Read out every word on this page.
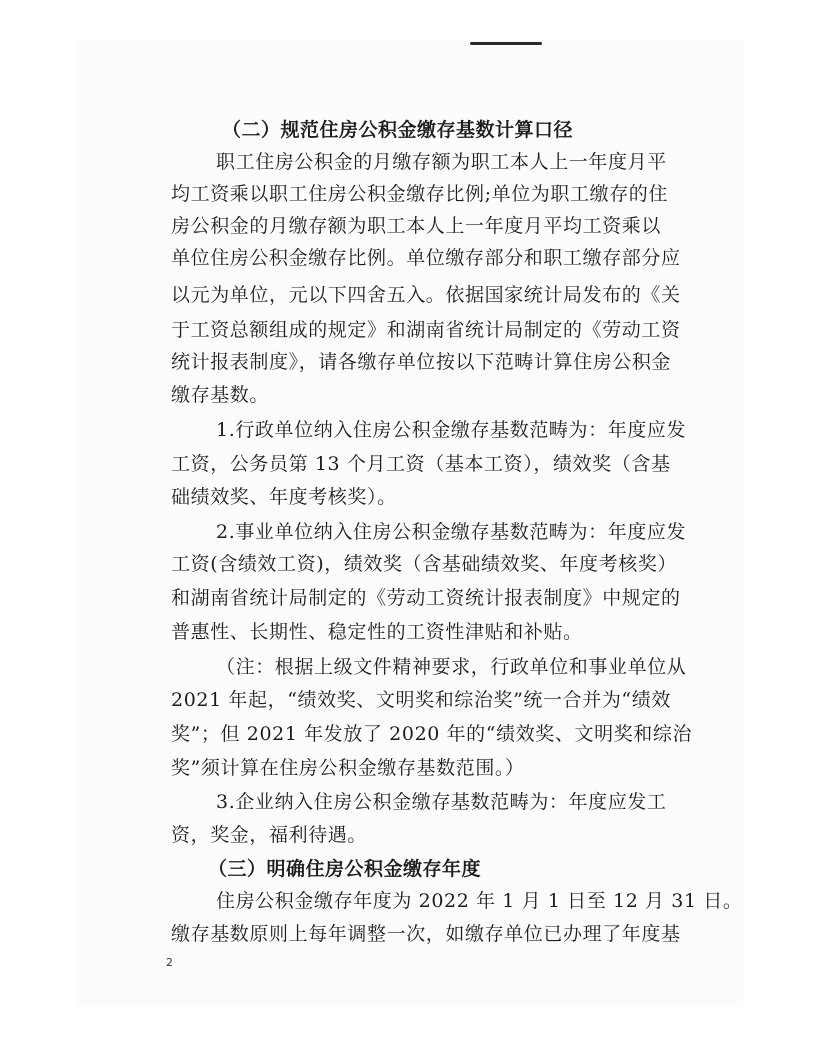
（二）规范住房公积金缴存基数计算口径
职工住房公积金的月缴存额为职工本人上一年度月平
均工资乘以职工住房公积金缴存比例;单位为职工缴存的住
房公积金的月缴存额为职工本人上一年度月平均工资乘以
单位住房公积金缴存比例。单位缴存部分和职工缴存部分应
以元为单位，元以下四舍五入。依据国家统计局发布的《关
于工资总额组成的规定》和湖南省统计局制定的《劳动工资
统计报表制度》，请各缴存单位按以下范畴计算住房公积金
缴存基数。
1.行政单位纳入住房公积金缴存基数范畴为：年度应发
工资，公务员第 13 个月工资（基本工资），绩效奖（含基
础绩效奖、年度考核奖）。
2.事业单位纳入住房公积金缴存基数范畴为：年度应发
工资(含绩效工资)，绩效奖（含基础绩效奖、年度考核奖）
和湖南省统计局制定的《劳动工资统计报表制度》中规定的
普惠性、长期性、稳定性的工资性津贴和补贴。
（注：根据上级文件精神要求，行政单位和事业单位从
2021 年起，“绩效奖、文明奖和综治奖”统一合并为“绩效
奖”；但 2021 年发放了 2020 年的“绩效奖、文明奖和综治
奖”须计算在住房公积金缴存基数范围。）
3.企业纳入住房公积金缴存基数范畴为：年度应发工
资，奖金，福利待遇。
（三）明确住房公积金缴存年度
住房公积金缴存年度为 2022 年 1 月 1 日至 12 月 31 日。
缴存基数原则上每年调整一次，如缴存单位已办理了年度基
2
